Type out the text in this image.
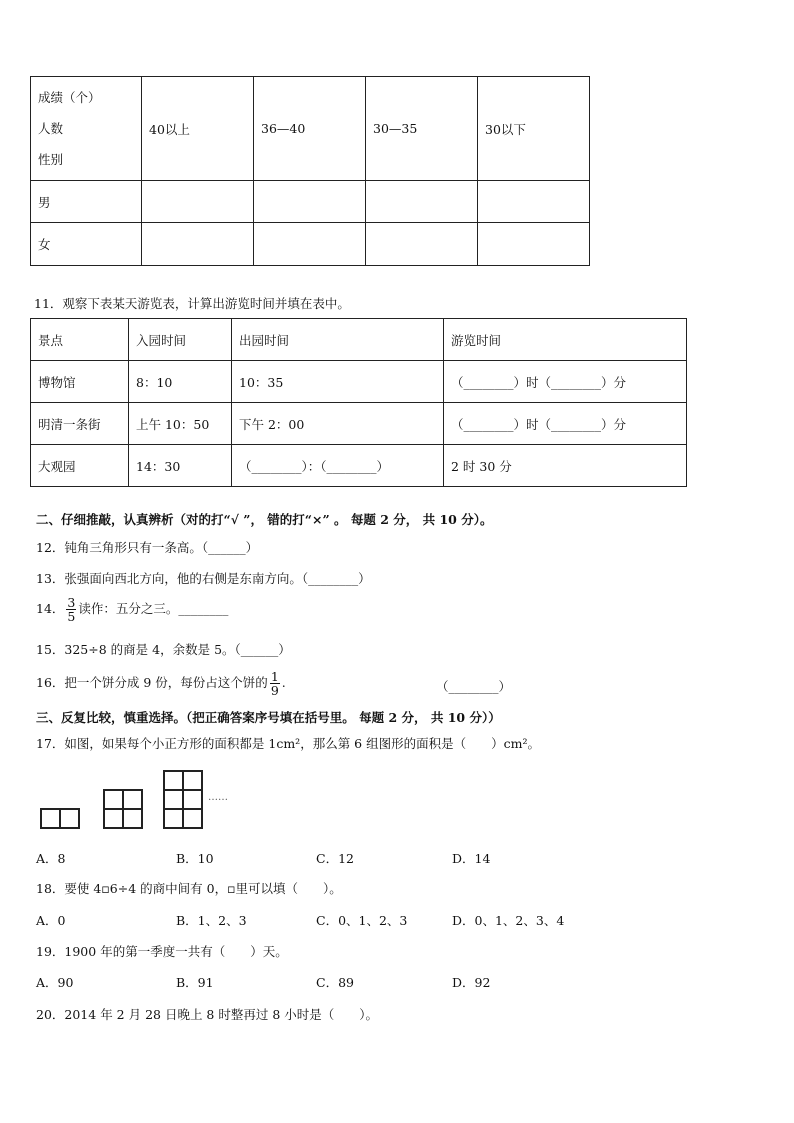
成绩（个）
人数
性别	40以上	36—40	30—35	30以下
男				
女				
11．观察下表某天游览表，计算出游览时间并填在表中。
景点	入园时间	出园时间	游览时间
博物馆	8：10	10：35	（________）时（________）分
明清一条街	上午 10：50	下午 2：00	（________）时（________）分
大观园	14：30	（________）：（________）	2 时 30 分
二、仔细推敲，认真辨析（对的打“√ ”， 错的打“×” 。 每题 2 分， 共 10 分）。
12．钝角三角形只有一条高。（______）
13．张强面向西北方向，他的右侧是东南方向。（________）
14． $\frac{3}{5}$ 读作：五分之三。________
15．325÷8 的商是 4，余数是 5。（______）
16．把一个饼分成 9 份，每份占这个饼的 $\frac{1}{9}$ .	（________）
三、反复比较，慎重选择。（把正确答案序号填在括号里。 每题 2 分， 共 10 分））
17．如图，如果每个小正方形的面积都是 1cm²，那么第 6 组图形的面积是（　　）cm²。
……
A．8	B．10	C．12	D．14
18．要使 4▫6÷4 的商中间有 0，▫里可以填（　　）。
A．0	B．1、2、3	C．0、1、2、3	D．0、1、2、3、4
19．1900 年的第一季度一共有（　　）天。
A．90	B．91	C．89	D．92
20．2014 年 2 月 28 日晚上 8 时整再过 8 小时是（　　）。
